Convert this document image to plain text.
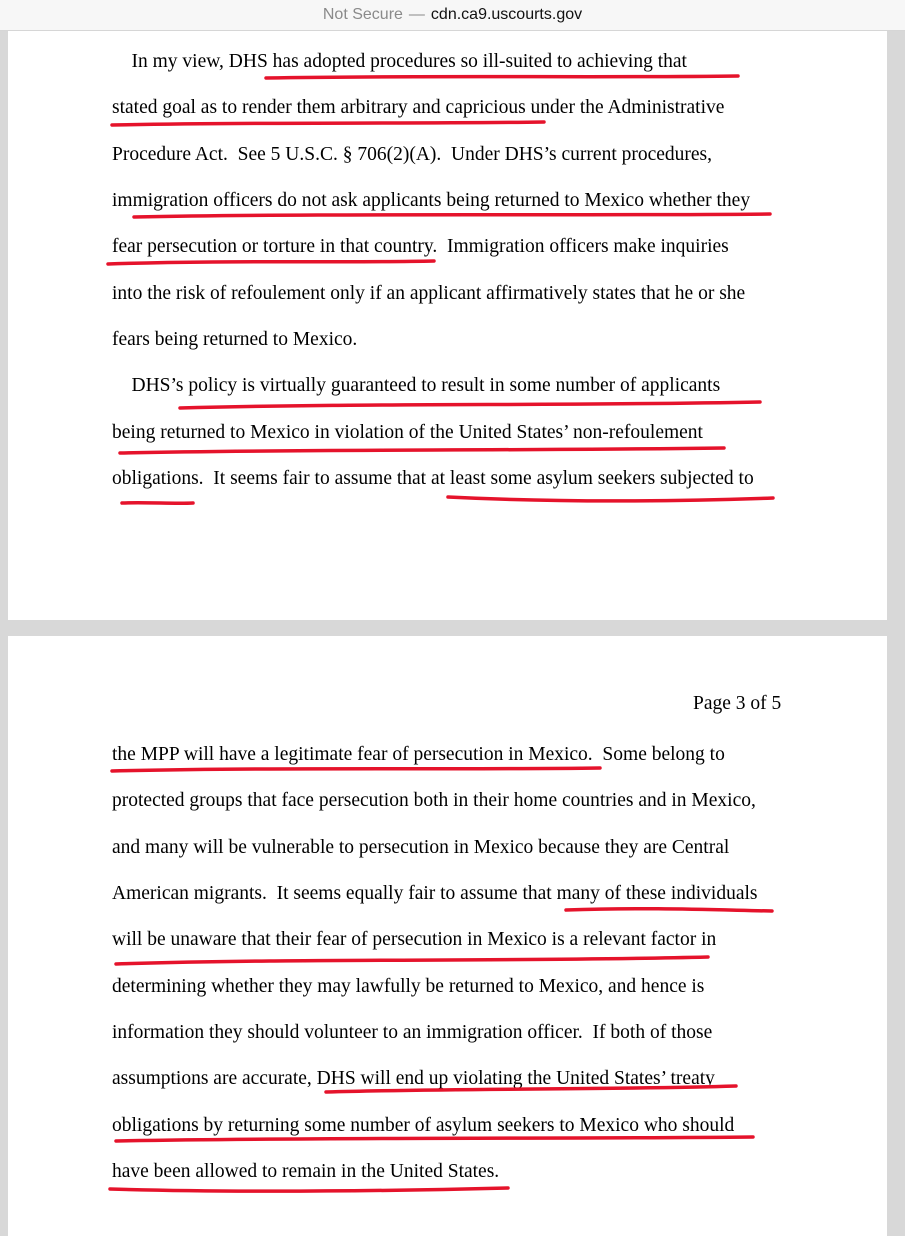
Not Secure — cdn.ca9.uscourts.gov
In my view, DHS has adopted procedures so ill-suited to achieving that
stated goal as to render them arbitrary and capricious under the Administrative
Procedure Act.  See 5 U.S.C. § 706(2)(A).  Under DHS’s current procedures,
immigration officers do not ask applicants being returned to Mexico whether they
fear persecution or torture in that country.  Immigration officers make inquiries
into the risk of refoulement only if an applicant affirmatively states that he or she
fears being returned to Mexico.
DHS’s policy is virtually guaranteed to result in some number of applicants
being returned to Mexico in violation of the United States’ non-refoulement
obligations.  It seems fair to assume that at least some asylum seekers subjected to
Page 3 of 5
the MPP will have a legitimate fear of persecution in Mexico.  Some belong to
protected groups that face persecution both in their home countries and in Mexico,
and many will be vulnerable to persecution in Mexico because they are Central
American migrants.  It seems equally fair to assume that many of these individuals
will be unaware that their fear of persecution in Mexico is a relevant factor in
determining whether they may lawfully be returned to Mexico, and hence is
information they should volunteer to an immigration officer.  If both of those
assumptions are accurate, DHS will end up violating the United States’ treaty
obligations by returning some number of asylum seekers to Mexico who should
have been allowed to remain in the United States.
